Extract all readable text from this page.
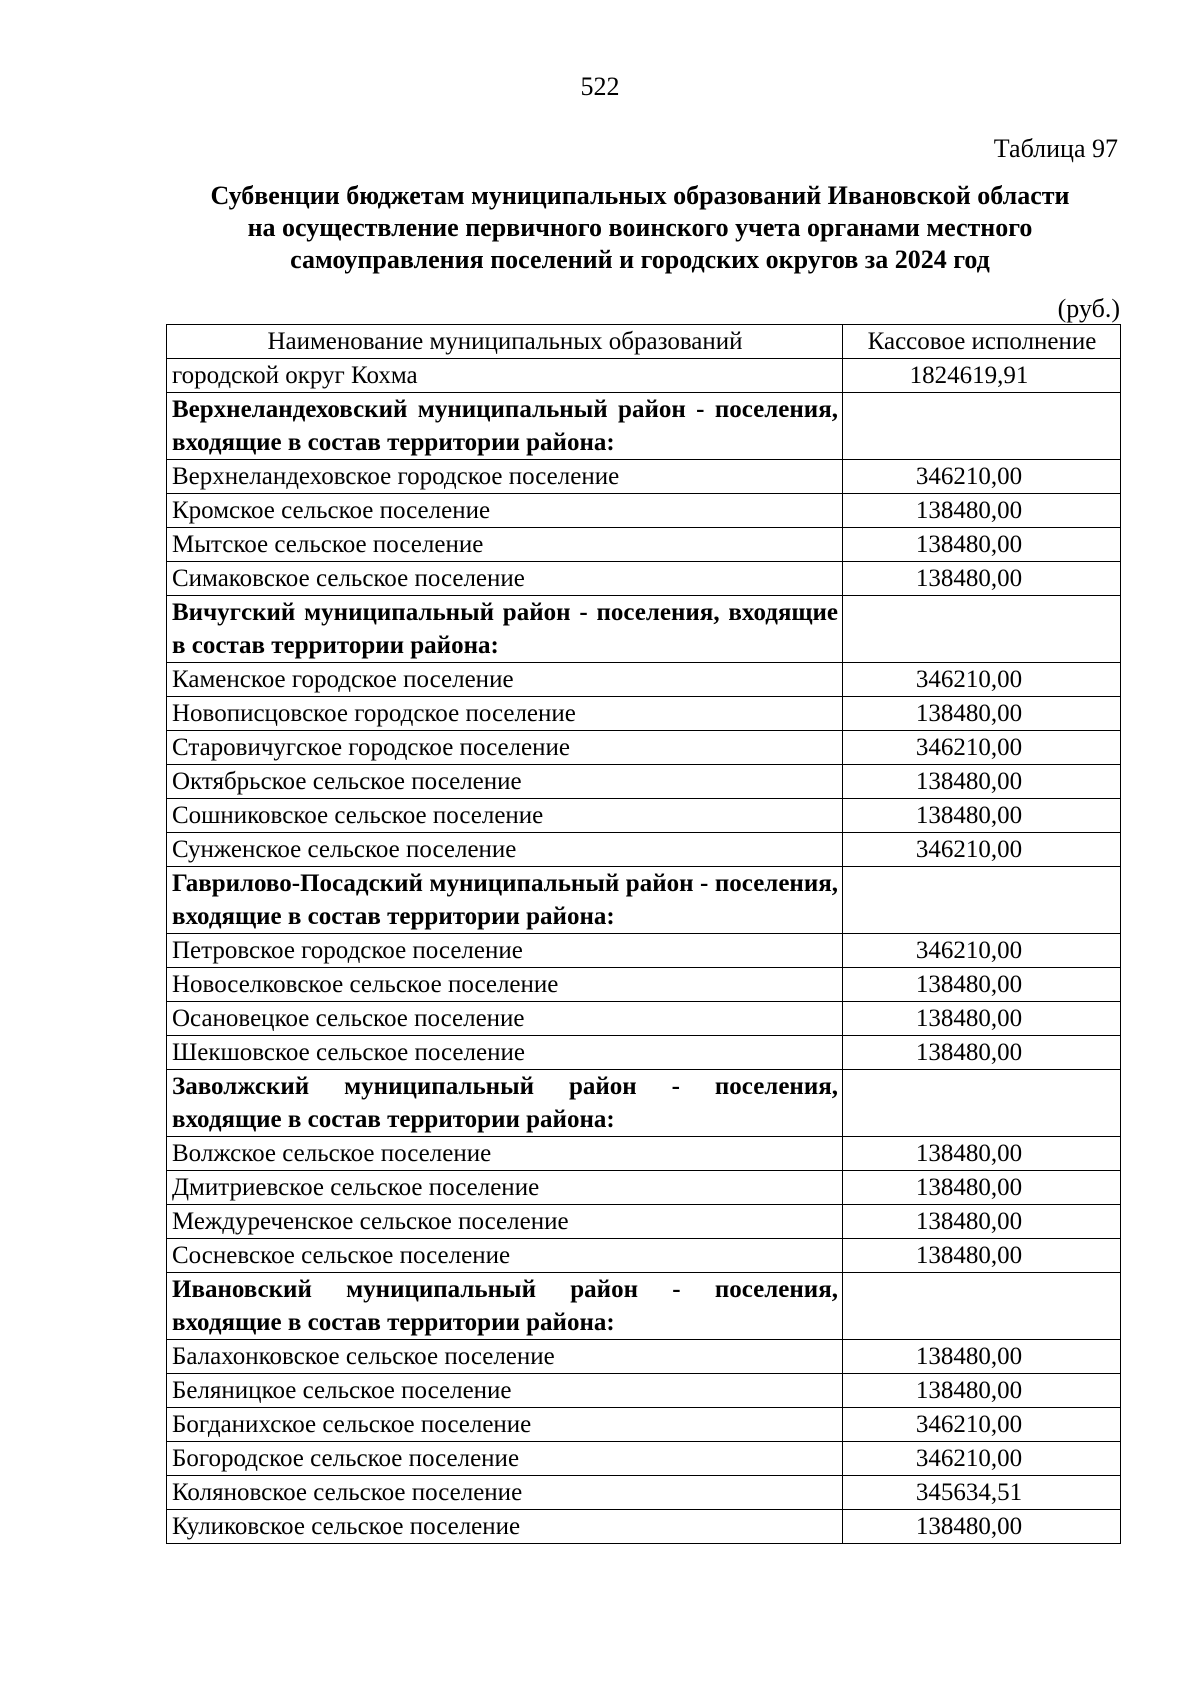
522
Таблица 97
Субвенции бюджетам муниципальных образований Ивановской области
на осуществление первичного воинского учета органами местного
самоуправления поселений и городских округов за 2024 год
(руб.)
Наименование муниципальных образований	Кассовое исполнение
городской округ Кохма	1824619,91
Верхнеландеховский муниципальный район - поселения, входящие в состав территории района:	
Верхнеландеховское городское поселение	346210,00
Кромское сельское поселение	138480,00
Мытское сельское поселение	138480,00
Симаковское сельское поселение	138480,00
Вичугский муниципальный район - поселения, входящие в состав территории района:	
Каменское городское поселение	346210,00
Новописцовское городское поселение	138480,00
Старовичугское городское поселение	346210,00
Октябрьское сельское поселение	138480,00
Сошниковское сельское поселение	138480,00
Сунженское сельское поселение	346210,00
Гаврилово-Посадский муниципальный район - поселения, входящие в состав территории района:	
Петровское городское поселение	346210,00
Новоселковское сельское поселение	138480,00
Осановецкое сельское поселение	138480,00
Шекшовское сельское поселение	138480,00
Заволжский муниципальный район - поселения, входящие в состав территории района:	
Волжское сельское поселение	138480,00
Дмитриевское сельское поселение	138480,00
Междуреченское сельское поселение	138480,00
Сосневское сельское поселение	138480,00
Ивановский муниципальный район - поселения, входящие в состав территории района:	
Балахонковское сельское поселение	138480,00
Беляницкое сельское поселение	138480,00
Богданихское сельское поселение	346210,00
Богородское сельское поселение	346210,00
Коляновское сельское поселение	345634,51
Куликовское сельское поселение	138480,00
